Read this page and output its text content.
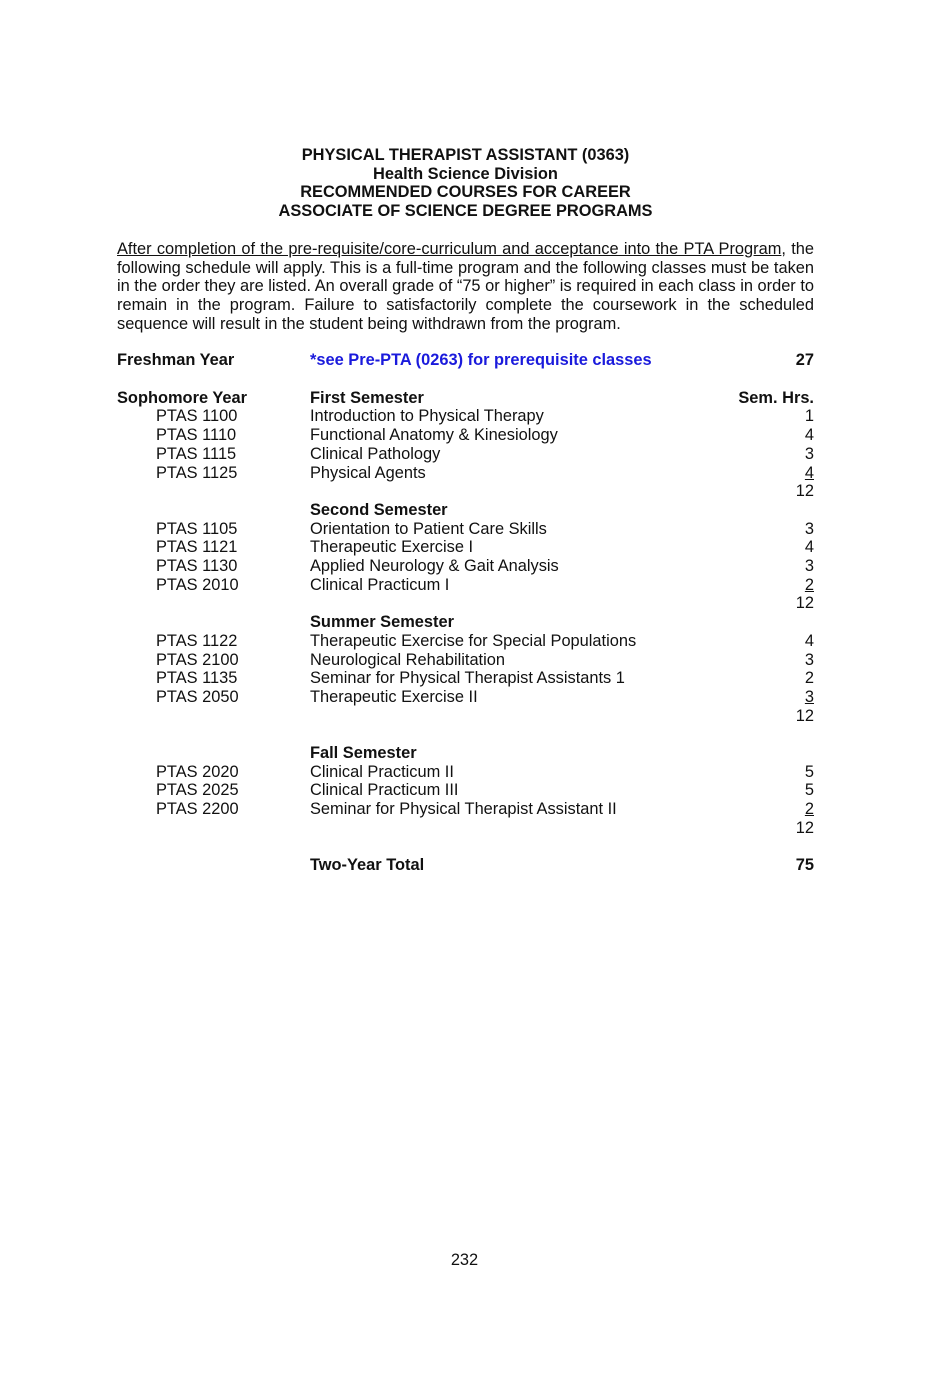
PHYSICAL THERAPIST ASSISTANT (0363)

Health Science Division

RECOMMENDED COURSES FOR CAREER

ASSOCIATE OF SCIENCE DEGREE PROGRAMS

After completion of the pre-requisite/core-curriculum and acceptance into the PTA Program, the following schedule will apply. This is a full-time program and the following classes must be taken in the order they are listed. An overall grade of “75 or higher” is required in each class in order to remain in the program. Failure to satisfactorily complete the coursework in the scheduled sequence will result in the student being withdrawn from the program.
Freshman Year	*see Pre-PTA (0263) for prerequisite classes	27

Sophomore Year	First Semester	Sem. Hrs.
PTAS 1100	Introduction to Physical Therapy	1
PTAS 1110	Functional Anatomy & Kinesiology	4
PTAS 1115	Clinical Pathology	3
PTAS 1125	Physical Agents	4
		12
	Second Semester	
PTAS 1105	Orientation to Patient Care Skills	3
PTAS 1121	Therapeutic Exercise I	4
PTAS 1130	Applied Neurology & Gait Analysis	3
PTAS 2010	Clinical Practicum I	2
		12
	Summer Semester	
PTAS 1122	Therapeutic Exercise for Special Populations	4
PTAS 2100	Neurological Rehabilitation	3
PTAS 1135	Seminar for Physical Therapist Assistants 1	2
PTAS 2050	Therapeutic Exercise II	3
		12

	Fall Semester	
PTAS 2020	Clinical Practicum II	5
PTAS 2025	Clinical Practicum III	5
PTAS 2200	Seminar for Physical Therapist Assistant II	2
		12

	Two-Year Total	75
232
